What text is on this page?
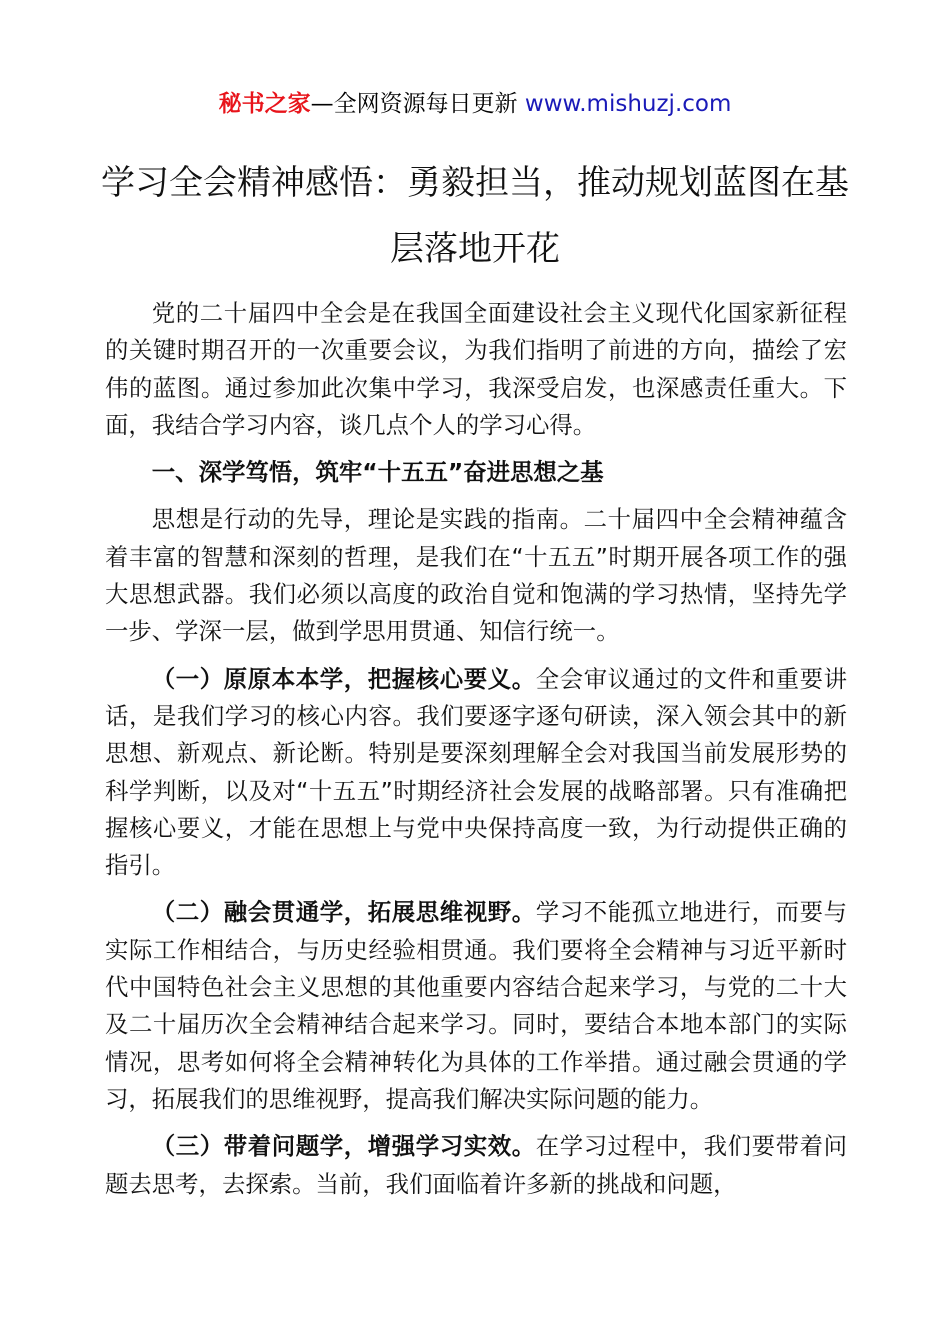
秘书之家—全网资源每日更新 www.mishuzj.com
学习全会精神感悟：勇毅担当，推动规划蓝图在基层落地开花

党的二十届四中全会是在我国全面建设社会主义现代化国家新征程的关键时期召开的一次重要会议，为我们指明了前进的方向，描绘了宏伟的蓝图。通过参加此次集中学习，我深受启发，也深感责任重大。下面，我结合学习内容，谈几点个人的学习心得。

一、深学笃悟，筑牢“十五五”奋进思想之基

思想是行动的先导，理论是实践的指南。二十届四中全会精神蕴含着丰富的智慧和深刻的哲理，是我们在“十五五”时期开展各项工作的强大思想武器。我们必须以高度的政治自觉和饱满的学习热情，坚持先学一步、学深一层，做到学思用贯通、知信行统一。

（一）原原本本学，把握核心要义。全会审议通过的文件和重要讲话，是我们学习的核心内容。我们要逐字逐句研读，深入领会其中的新思想、新观点、新论断。特别是要深刻理解全会对我国当前发展形势的科学判断，以及对“十五五”时期经济社会发展的战略部署。只有准确把握核心要义，才能在思想上与党中央保持高度一致，为行动提供正确的指引。

（二）融会贯通学，拓展思维视野。学习不能孤立地进行，而要与实际工作相结合，与历史经验相贯通。我们要将全会精神与习近平新时代中国特色社会主义思想的其他重要内容结合起来学习，与党的二十大及二十届历次全会精神结合起来学习。同时，要结合本地本部门的实际情况，思考如何将全会精神转化为具体的工作举措。通过融会贯通的学习，拓展我们的思维视野，提高我们解决实际问题的能力。

（三）带着问题学，增强学习实效。在学习过程中，我们要带着问题去思考，去探索。当前，我们面临着许多新的挑战和问题，
